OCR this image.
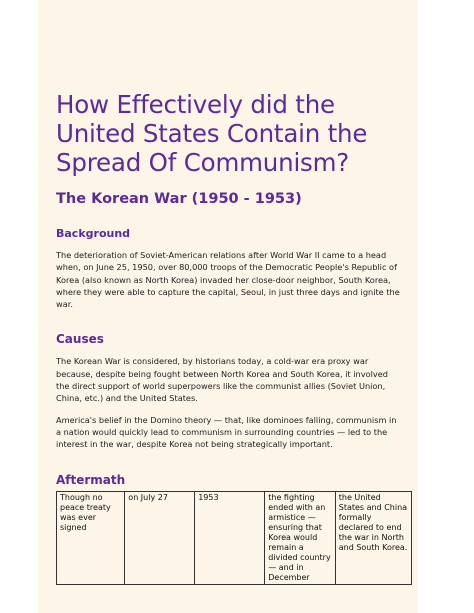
How Effectively did the United States Contain the Spread Of Communism?
The Korean War (1950 - 1953)
Background

The deterioration of Soviet-American relations after World War II came to a head when, on June 25, 1950, over 80,000 troops of the Democratic People's Republic of Korea (also known as North Korea) invaded her close-door neighbor, South Korea, where they were able to capture the capital, Seoul, in just three days and ignite the war.

Causes

The Korean War is considered, by historians today, a cold-war era proxy war because, despite being fought between North Korea and South Korea, it involved the direct support of world superpowers like the communist allies (Soviet Union, China, etc.) and the United States.

America's belief in the Domino theory — that, like dominoes falling, communism in a nation would quickly lead to communism in surrounding countries — led to the interest in the war, despite Korea not being strategically important.

Aftermath
Though no peace treaty was ever signed	on July 27	1953	the fighting ended with an armistice — ensuring that Korea would remain a divided country — and in December	the United States and China formally declared to end the war in North and South Korea.
